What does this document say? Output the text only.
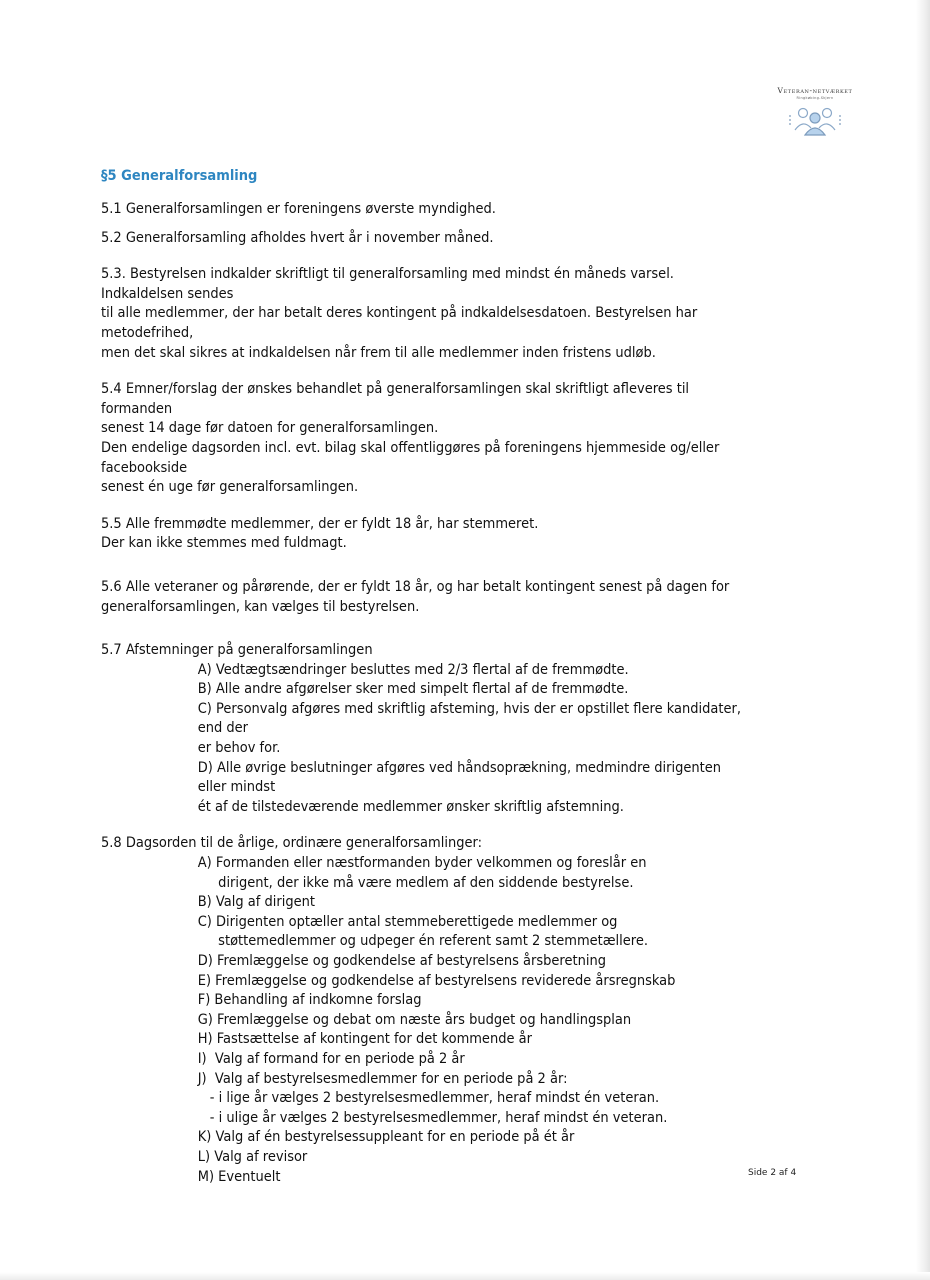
Veteran-netværket
Ringkøbing-Skjern
§5 Generalforsamling

5.1 Generalforsamlingen er foreningens øverste myndighed.

5.2 Generalforsamling afholdes hvert år i november måned.

5.3. Bestyrelsen indkalder skriftligt til generalforsamling med mindst én måneds varsel. Indkaldelsen sendes

til alle medlemmer, der har betalt deres kontingent på indkaldelsesdatoen. Bestyrelsen har metodefrihed,

men det skal sikres at indkaldelsen når frem til alle medlemmer inden fristens udløb.

5.4 Emner/forslag der ønskes behandlet på generalforsamlingen skal skriftligt afleveres til formanden

senest 14 dage før datoen for generalforsamlingen.

Den endelige dagsorden incl. evt. bilag skal offentliggøres på foreningens hjemmeside og/eller facebookside

senest én uge før generalforsamlingen.

5.5 Alle fremmødte medlemmer, der er fyldt 18 år, har stemmeret.

Der kan ikke stemmes med fuldmagt.

5.6 Alle veteraner og pårørende, der er fyldt 18 år, og har betalt kontingent senest på dagen for

generalforsamlingen, kan vælges til bestyrelsen.

5.7 Afstemninger på generalforsamlingen

A) Vedtægtsændringer besluttes med 2/3 flertal af de fremmødte.

B) Alle andre afgørelser sker med simpelt flertal af de fremmødte.

C) Personvalg afgøres med skriftlig afsteming, hvis der er opstillet flere kandidater, end der

er behov for.

D) Alle øvrige beslutninger afgøres ved håndsoprækning, medmindre dirigenten eller mindst

ét af de tilstedeværende medlemmer ønsker skriftlig afstemning.

5.8 Dagsorden til de årlige, ordinære generalforsamlinger:

A) Formanden eller næstformanden byder velkommen og foreslår en

dirigent, der ikke må være medlem af den siddende bestyrelse.

B) Valg af dirigent

C) Dirigenten optæller antal stemmeberettigede medlemmer og

støttemedlemmer og udpeger én referent samt 2 stemmetællere.

D) Fremlæggelse og godkendelse af bestyrelsens årsberetning

E) Fremlæggelse og godkendelse af bestyrelsens reviderede årsregnskab

F) Behandling af indkomne forslag

G) Fremlæggelse og debat om næste års budget og handlingsplan

H) Fastsættelse af kontingent for det kommende år

I)  Valg af formand for en periode på 2 år

J)  Valg af bestyrelsesmedlemmer for en periode på 2 år:

- i lige år vælges 2 bestyrelsesmedlemmer, heraf mindst én veteran.

- i ulige år vælges 2 bestyrelsesmedlemmer, heraf mindst én veteran.

K) Valg af én bestyrelsessuppleant for en periode på ét år

L) Valg af revisor

M) Eventuelt	Side 2 af 4
